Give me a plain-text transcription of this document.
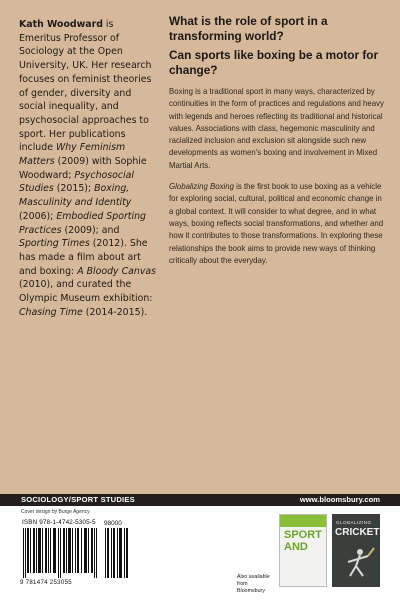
Kath Woodward is Emeritus Professor of Sociology at the Open University, UK. Her research focuses on feminist theories of gender, diversity and social inequality, and psychosocial approaches to sport. Her publications include Why Feminism Matters (2009) with Sophie Woodward; Psychosocial Studies (2015); Boxing, Masculinity and Identity (2006); Embodied Sporting Practices (2009); and Sporting Times (2012). She has made a film about art and boxing: A Bloody Canvas (2010), and curated the Olympic Museum exhibition: Chasing Time (2014-2015).
What is the role of sport in a transforming world?
Can sports like boxing be a motor for change?

Boxing is a traditional sport in many ways, characterized by continuities in the form of practices and regulations and heavy with legends and heroes reflecting its traditional and historical values. Associations with class, hegemonic masculinity and racialized inclusion and exclusion sit alongside such new developments as women's boxing and involvement in Mixed Martial Arts.

Globalizing Boxing is the first book to use boxing as a vehicle for exploring social, cultural, political and economic change in a global context. It will consider to what degree, and in what ways, boxing reflects social transformations, and whether and how it contributes to those transformations. In exploring these relationships the book aims to provide new ways of thinking critically about the everyday.

SOCIOLOGY/SPORT STUDIES	www.bloomsbury.com
Cover design by Burge Agency
ISBN 978-1-4742-5305-5 98000
9 781474 253055
Also available
from Bloomsbury
SPORT
AND
GLOBALIZING
CRICKET
